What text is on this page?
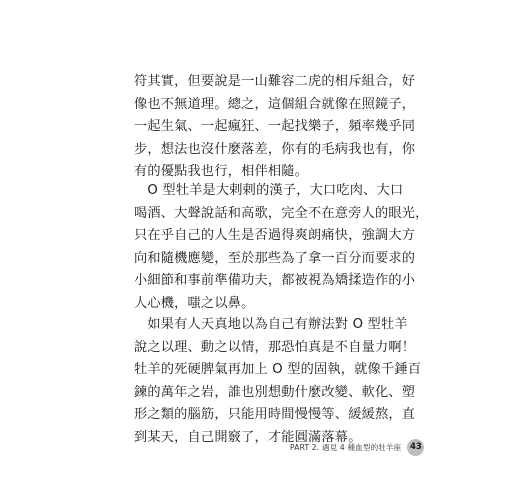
符其實，但要說是一山難容二虎的相斥組合，好
像也不無道理。總之，這個組合就像在照鏡子，
一起生氣、一起瘋狂、一起找樂子，頻率幾乎同
步，想法也沒什麼落差，你有的毛病我也有，你
有的優點我也行，相伴相隨。
　O 型牡羊是大剌剌的漢子，大口吃肉、大口
喝酒、大聲說話和高歌，完全不在意旁人的眼光，
只在乎自己的人生是否過得爽朗痛快，強調大方
向和隨機應變，至於那些為了拿一百分而要求的
小細節和事前準備功夫，都被視為矯揉造作的小
人心機，嗤之以鼻。
　如果有人天真地以為自己有辦法對 O 型牡羊
說之以理、動之以情，那恐怕真是不自量力啊！
牡羊的死硬脾氣再加上 O 型的固執，就像千錘百
鍊的萬年之岩，誰也別想動什麼改變、軟化、塑
形之類的腦筋，只能用時間慢慢等、緩緩熬，直
到某天，自己開竅了，才能圓滿落幕。
PART 2. 遇見 4 種血型的牡羊座	43
